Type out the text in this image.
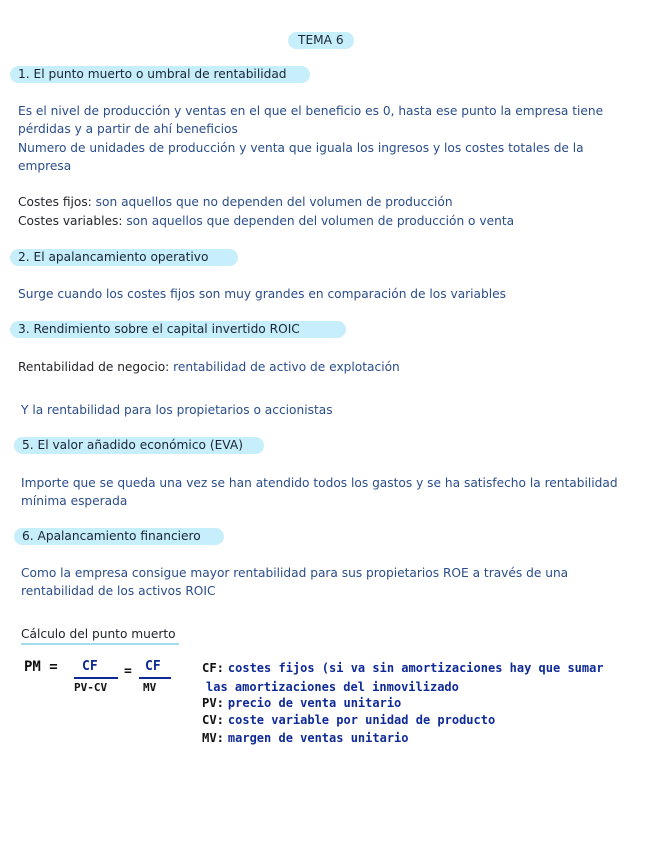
TEMA 6
1. El punto muerto o umbral de rentabilidad
Es el nivel de producción y ventas en el que el beneficio es 0, hasta ese punto la empresa tiene
pérdidas y a partir de ahí beneficios
Numero de unidades de producción y venta que iguala los ingresos y los costes totales de la
empresa
Costes fijos: son aquellos que no dependen del volumen de producción
Costes variables: son aquellos que dependen del volumen de producción o venta
2. El apalancamiento operativo
Surge cuando los costes fijos son muy grandes en comparación de los variables
3. Rendimiento sobre el capital invertido ROIC
Rentabilidad de negocio: rentabilidad de activo de explotación
Y la rentabilidad para los propietarios o accionistas
5. El valor añadido económico (EVA)
Importe que se queda una vez se han atendido todos los gastos y se ha satisfecho la rentabilidad
mínima esperada
6. Apalancamiento financiero
Como la empresa consigue mayor rentabilidad para sus propietarios ROE a través de una
rentabilidad de los activos ROIC
Cálculo del punto muerto
PM = CF
PV-CV
= CF
MV
CF: costes fijos (si va sin amortizaciones hay que sumar
las amortizaciones del inmovilizado
PV: precio de venta unitario
CV: coste variable por unidad de producto
MV: margen de ventas unitario
